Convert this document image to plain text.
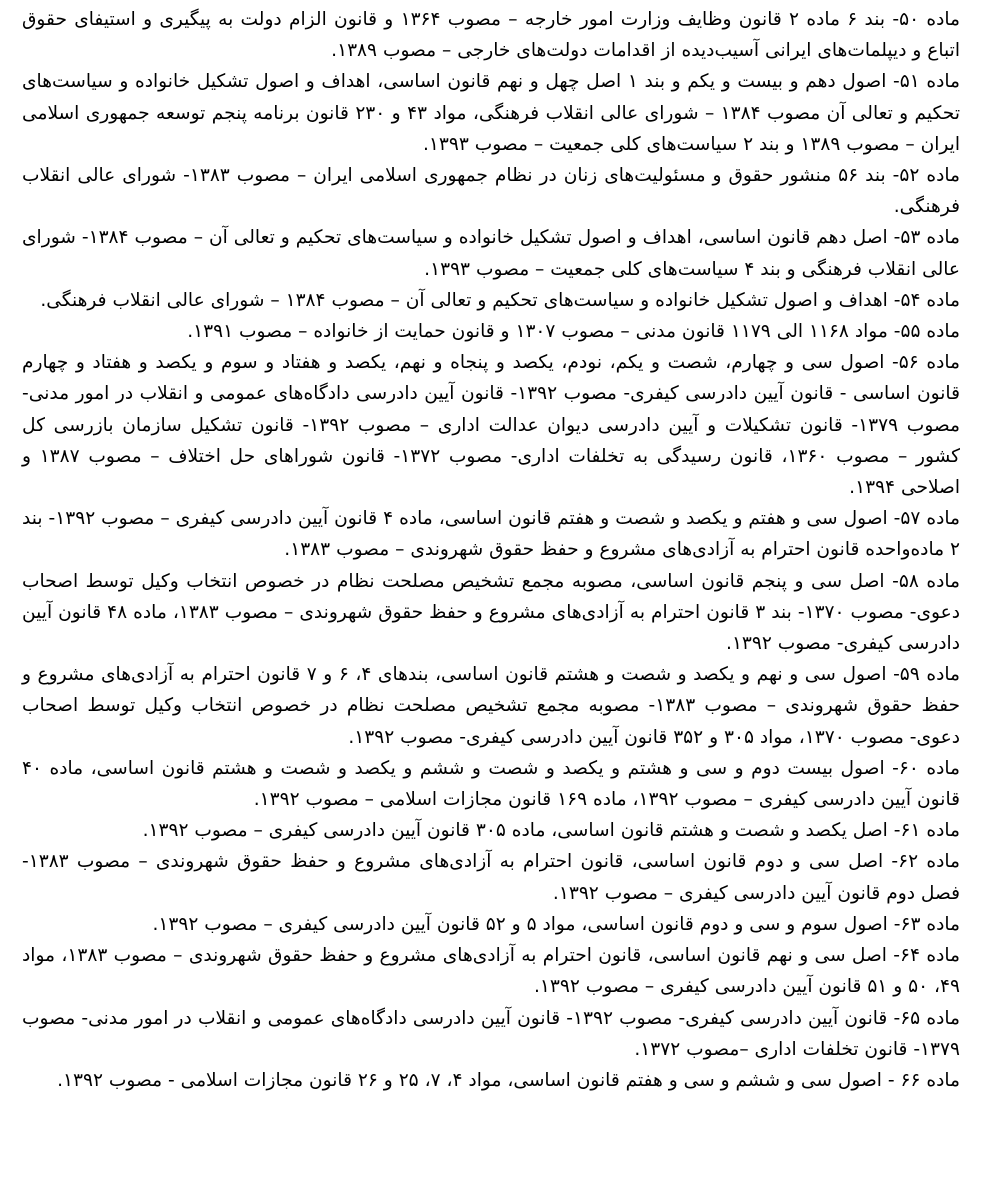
ماده ۵۰- بند ۶ ماده ۲ قانون وظایف وزارت امور خارجه – مصوب ۱۳۶۴ و قانون الزام دولت به پیگیری و استیفای حقوق اتباع و دیپلمات‌های ایرانی آسیب‌دیده از اقدامات دولت‌های خارجی – مصوب ۱۳۸۹.

ماده ۵۱- اصول دهم و بیست و یکم و بند ۱ اصل چهل و نهم قانون اساسی، اهداف و اصول تشکیل خانواده و سیاست‌های تحکیم و تعالی آن مصوب ۱۳۸۴ – شورای عالی انقلاب فرهنگی، مواد ۴۳ و ۲۳۰ قانون برنامه پنجم توسعه جمهوری اسلامی ایران – مصوب ۱۳۸۹ و بند ۲ سیاست‌های کلی جمعیت – مصوب ۱۳۹۳.

ماده ۵۲- بند ۵۶ منشور حقوق و مسئولیت‌های زنان در نظام جمهوری اسلامی ایران – مصوب ۱۳۸۳- شورای عالی انقلاب فرهنگی.

ماده ۵۳- اصل دهم قانون اساسی، اهداف و اصول تشکیل خانواده و سیاست‌های تحکیم و تعالی آن – مصوب ۱۳۸۴- شورای عالی انقلاب فرهنگی و بند ۴ سیاست‌های کلی جمعیت – مصوب ۱۳۹۳.

ماده ۵۴- اهداف و اصول تشکیل خانواده و سیاست‌های تحکیم و تعالی آن – مصوب ۱۳۸۴ – شورای عالی انقلاب فرهنگی.

ماده ۵۵- مواد ۱۱۶۸ الی ۱۱۷۹ قانون مدنی – مصوب ۱۳۰۷ و قانون حمایت از خانواده – مصوب ۱۳۹۱.

ماده ۵۶- اصول سی و چهارم، شصت و یکم، نودم، یکصد و پنجاه و نهم، یکصد و هفتاد و سوم و یکصد و هفتاد و چهارم قانون اساسی - قانون آیین دادرسی کیفری- مصوب ۱۳۹۲- قانون آیین دادرسی دادگاه‌های عمومی و انقلاب در امور مدنی- مصوب ۱۳۷۹- قانون تشکیلات و آیین دادرسی دیوان عدالت اداری – مصوب ۱۳۹۲- قانون تشکیل سازمان بازرسی کل کشور – مصوب ۱۳۶۰، قانون رسیدگی به تخلفات اداری- مصوب ۱۳۷۲- قانون شوراهای حل اختلاف – مصوب ۱۳۸۷ و اصلاحی ۱۳۹۴.

ماده ۵۷- اصول سی و هفتم و یکصد و شصت و هفتم قانون اساسی، ماده ۴ قانون آیین دادرسی کیفری – مصوب ۱۳۹۲- بند ۲ ماده‌واحده قانون احترام به آزادی‌های مشروع و حفظ حقوق شهروندی – مصوب ۱۳۸۳.

ماده ۵۸- اصل سی و پنجم قانون اساسی، مصوبه مجمع تشخیص مصلحت نظام در خصوص انتخاب وکیل توسط اصحاب دعوی- مصوب ۱۳۷۰- بند ۳ قانون احترام به آزادی‌های مشروع و حفظ حقوق شهروندی – مصوب ۱۳۸۳، ماده ۴۸ قانون آیین دادرسی کیفری- مصوب ۱۳۹۲.

ماده ۵۹- اصول سی و نهم و یکصد و شصت و هشتم قانون اساسی، بندهای ۴، ۶ و ۷ قانون احترام به آزادی‌های مشروع و حفظ حقوق شهروندی – مصوب ۱۳۸۳- مصوبه مجمع تشخیص مصلحت نظام در خصوص انتخاب وکیل توسط اصحاب دعوی- مصوب ۱۳۷۰، مواد ۳۰۵ و ۳۵۲ قانون آیین دادرسی کیفری- مصوب ۱۳۹۲.

ماده ۶۰- اصول بیست دوم و سی و هشتم و یکصد و شصت و ششم و یکصد و شصت و هشتم قانون اساسی، ماده ۴۰ قانون آیین دادرسی کیفری – مصوب ۱۳۹۲، ماده ۱۶۹ قانون مجازات اسلامی – مصوب ۱۳۹۲.

ماده ۶۱- اصل یکصد و شصت و هشتم قانون اساسی، ماده ۳۰۵ قانون آیین دادرسی کیفری – مصوب ۱۳۹۲.

ماده ۶۲- اصل سی و دوم قانون اساسی، قانون احترام به آزادی‌های مشروع و حفظ حقوق شهروندی – مصوب ۱۳۸۳- فصل دوم قانون آیین دادرسی کیفری – مصوب ۱۳۹۲.

ماده ۶۳- اصول سوم و سی و دوم قانون اساسی، مواد ۵ و ۵۲ قانون آیین دادرسی کیفری – مصوب ۱۳۹۲.

ماده ۶۴- اصل سی و نهم قانون اساسی، قانون احترام به آزادی‌های مشروع و حفظ حقوق شهروندی – مصوب ۱۳۸۳، مواد ۴۹، ۵۰ و ۵۱ قانون آیین دادرسی کیفری – مصوب ۱۳۹۲.

ماده ۶۵- قانون آیین دادرسی کیفری- مصوب ۱۳۹۲- قانون آیین دادرسی دادگاه‌های عمومی و انقلاب در امور مدنی- مصوب ۱۳۷۹- قانون تخلفات اداری –مصوب ۱۳۷۲.

ماده ۶۶ - اصول سی و ششم و سی و هفتم قانون اساسی، مواد ۴، ۷، ۲۵ و ۲۶ قانون مجازات اسلامی - مصوب ۱۳۹۲.
